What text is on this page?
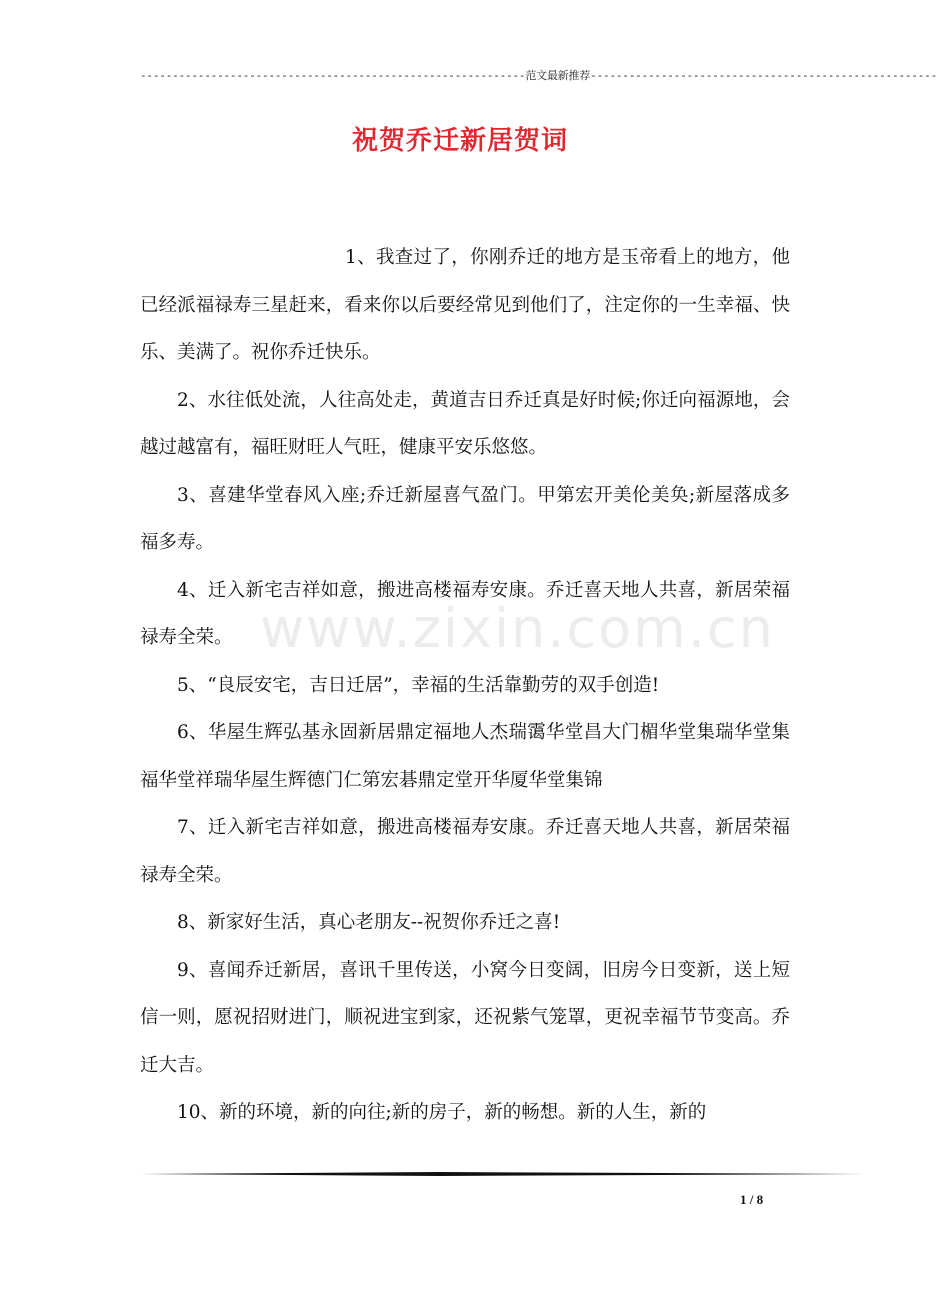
------------------------------------------------------------范文最新推荐------------------------------------------------------
祝贺乔迁新居贺词
www.zixin.com.cn

1、我查过了，你刚乔迁的地方是玉帝看上的地方，他已经派福禄寿三星赶来，看来你以后要经常见到他们了，注定你的一生幸福、快乐、美满了。祝你乔迁快乐。

2、水往低处流，人往高处走，黄道吉日乔迁真是好时候;你迁向福源地，会越过越富有，福旺财旺人气旺，健康平安乐悠悠。

3、喜建华堂春风入座;乔迁新屋喜气盈门。甲第宏开美伦美奂;新屋落成多福多寿。

4、迁入新宅吉祥如意，搬进高楼福寿安康。乔迁喜天地人共喜，新居荣福禄寿全荣。

5、“良辰安宅，吉日迁居”，幸福的生活靠勤劳的双手创造!

6、华屋生辉弘基永固新居鼎定福地人杰瑞霭华堂昌大门楣华堂集瑞华堂集福华堂祥瑞华屋生辉德门仁第宏碁鼎定堂开华厦华堂集锦

7、迁入新宅吉祥如意，搬进高楼福寿安康。乔迁喜天地人共喜，新居荣福禄寿全荣。

8、新家好生活，真心老朋友--祝贺你乔迁之喜!

9、喜闻乔迁新居，喜讯千里传送，小窝今日变阔，旧房今日变新，送上短信一则，愿祝招财进门，顺祝进宝到家，还祝紫气笼罩，更祝幸福节节变高。乔迁大吉。

10、新的环境，新的向往;新的房子，新的畅想。新的人生，新的

1 / 8
